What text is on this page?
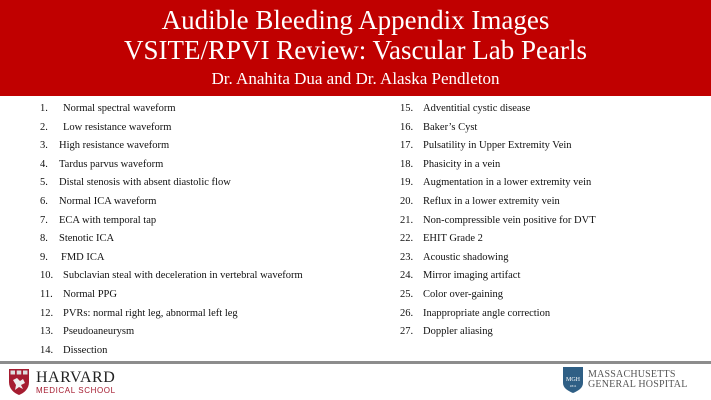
Audible Bleeding Appendix Images
VSITE/RPVI Review: Vascular Lab Pearls
Dr. Anahita Dua and Dr. Alaska Pendleton
1.	Normal spectral waveform
2.	Low resistance waveform
3.	High resistance waveform
4.	Tardus parvus waveform
5.	Distal stenosis with absent diastolic flow
6.	Normal ICA waveform
7.	ECA with temporal tap
8.	Stenotic ICA
9.	FMD ICA
10. Subclavian steal with deceleration in vertebral waveform
11. Normal PPG
12. PVRs: normal right leg, abnormal left leg
13. Pseudoaneurysm
14. Dissection
15. Adventitial cystic disease
16. Baker’s Cyst
17. Pulsatility in Upper Extremity Vein
18. Phasicity in a vein
19. Augmentation in a lower extremity vein
20. Reflux in a lower extremity vein
21. Non-compressible vein positive for DVT
22. EHIT Grade 2
23. Acoustic shadowing
24. Mirror imaging artifact
25. Color over-gaining
26. Inappropriate angle correction
27. Doppler aliasing
HARVARD
MEDICAL SCHOOL
MGH
1811
MASSACHUSETTS
GENERAL HOSPITAL
